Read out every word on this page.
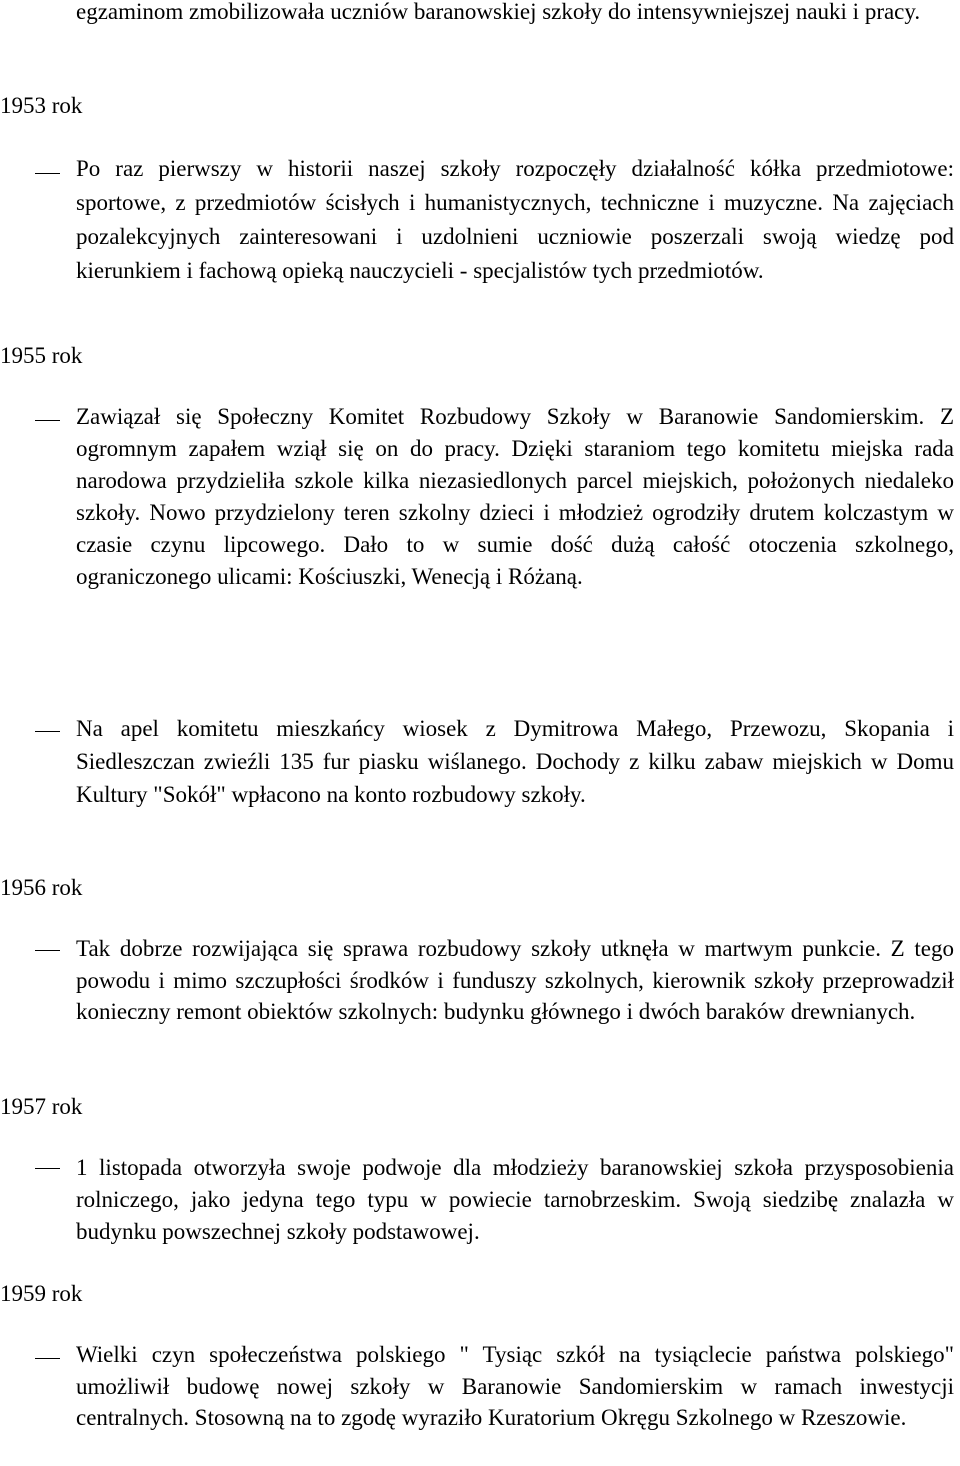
egzaminom zmobilizowała uczniów baranowskiej szkoły do intensywniejszej nauki i pracy.
1953 rok
Po raz pierwszy w historii naszej szkoły rozpoczęły działalność kółka przedmiotowe: sportowe, z przedmiotów ścisłych i humanistycznych, techniczne i muzyczne. Na zajęciach pozalekcyjnych zainteresowani i uzdolnieni uczniowie poszerzali swoją wiedzę pod kierunkiem i fachową opieką nauczycieli - specjalistów tych przedmiotów.
1955 rok
Zawiązał się Społeczny Komitet Rozbudowy Szkoły w Baranowie Sandomierskim. Z ogromnym zapałem wziął się on do pracy. Dzięki staraniom tego komitetu miejska rada narodowa przydzieliła szkole kilka niezasiedlonych parcel miejskich, położonych niedaleko szkoły. Nowo przydzielony teren szkolny dzieci i młodzież ogrodziły drutem kolczastym w czasie czynu lipcowego. Dało to w sumie dość dużą całość otoczenia szkolnego, ograniczonego ulicami: Kościuszki, Wenecją i Różaną.
Na apel komitetu mieszkańcy wiosek z Dymitrowa Małego, Przewozu, Skopania i Siedleszczan zwieźli 135 fur piasku wiślanego. Dochody z kilku zabaw miejskich w Domu Kultury "Sokół" wpłacono na konto rozbudowy szkoły.
1956 rok
Tak dobrze rozwijająca się sprawa rozbudowy szkoły utknęła w martwym punkcie. Z tego powodu i mimo szczupłości środków i funduszy szkolnych, kierownik szkoły przeprowadził konieczny remont obiektów szkolnych: budynku głównego i dwóch baraków drewnianych.
1957 rok
1 listopada otworzyła swoje podwoje dla młodzieży baranowskiej szkoła przysposobienia rolniczego, jako jedyna tego typu w powiecie tarnobrzeskim. Swoją siedzibę znalazła w budynku powszechnej szkoły podstawowej.
1959 rok
Wielki czyn społeczeństwa polskiego " Tysiąc szkół na tysiąclecie państwa polskiego" umożliwił budowę nowej szkoły w Baranowie Sandomierskim w ramach inwestycji centralnych. Stosowną na to zgodę wyraziło Kuratorium Okręgu Szkolnego w Rzeszowie.
